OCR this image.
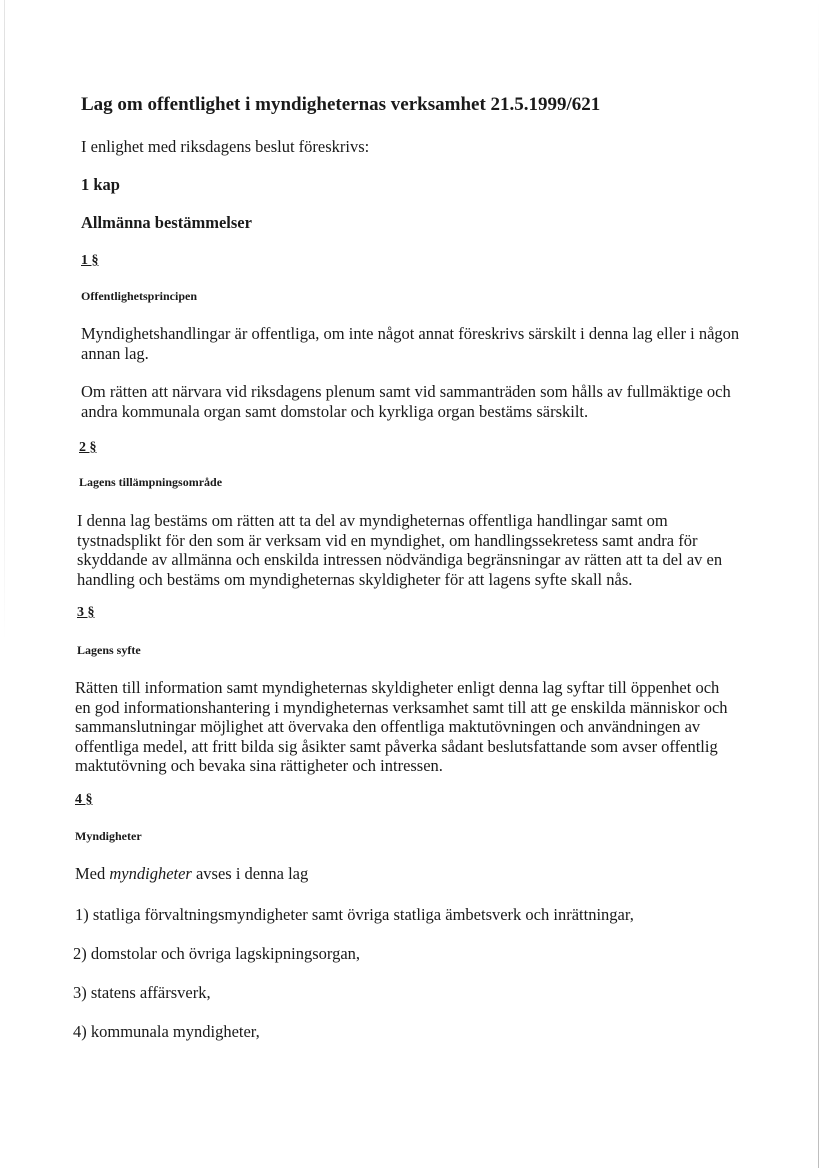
Lag om offentlighet i myndigheternas verksamhet 21.5.1999/621

I enlighet med riksdagens beslut föreskrivs:

1 kap

Allmänna bestämmelser

1 §

Offentlighetsprincipen

Myndighetshandlingar är offentliga, om inte något annat föreskrivs särskilt i denna lag eller i någon
annan lag.

Om rätten att närvara vid riksdagens plenum samt vid sammanträden som hålls av fullmäktige och
andra kommunala organ samt domstolar och kyrkliga organ bestäms särskilt.

2 §

Lagens tillämpningsområde

I denna lag bestäms om rätten att ta del av myndigheternas offentliga handlingar samt om
tystnadsplikt för den som är verksam vid en myndighet, om handlingssekretess samt andra för
skyddande av allmänna och enskilda intressen nödvändiga begränsningar av rätten att ta del av en
handling och bestäms om myndigheternas skyldigheter för att lagens syfte skall nås.

3 §

Lagens syfte

Rätten till information samt myndigheternas skyldigheter enligt denna lag syftar till öppenhet och
en god informationshantering i myndigheternas verksamhet samt till att ge enskilda människor och
sammanslutningar möjlighet att övervaka den offentliga maktutövningen och användningen av
offentliga medel, att fritt bilda sig åsikter samt påverka sådant beslutsfattande som avser offentlig
maktutövning och bevaka sina rättigheter och intressen.

4 §

Myndigheter

Med myndigheter avses i denna lag

1) statliga förvaltningsmyndigheter samt övriga statliga ämbetsverk och inrättningar,

2) domstolar och övriga lagskipningsorgan,

3) statens affärsverk,

4) kommunala myndigheter,
